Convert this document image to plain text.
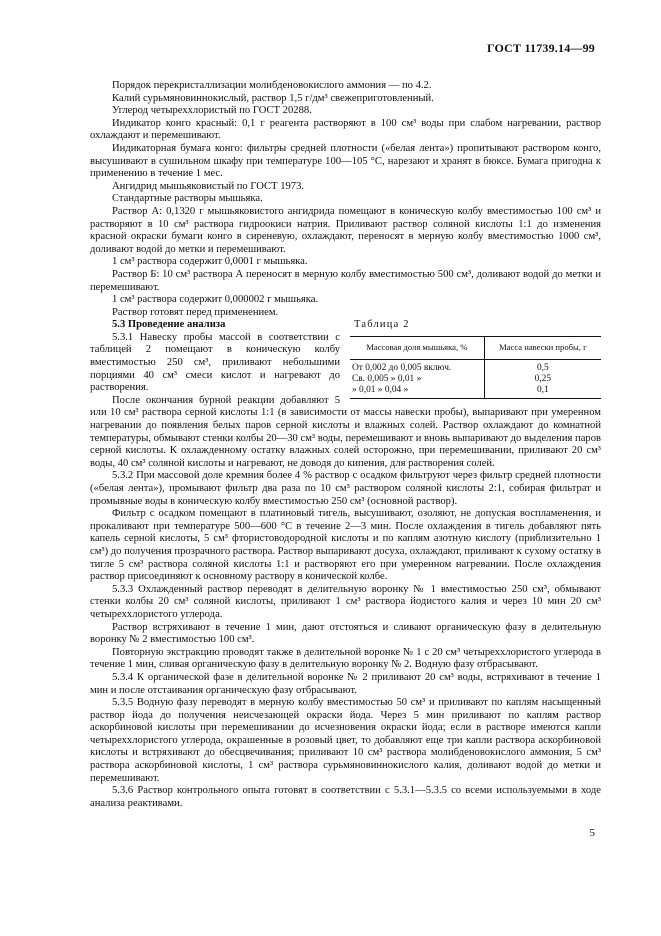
ГОСТ 11739.14—99

Порядок перекристаллизации молибденовокислого аммония — по 4.2.

Калий сурьмяновиннокислый, раствор 1,5 г/дм³ свежеприготовленный.

Углерод четыреххлористый по ГОСТ 20288.

Индикатор конго красный: 0,1 г реагента растворяют в 100 см³ воды при слабом нагревании, раствор охлаждают и перемешивают.

Индикаторная бумага конго: фильтры средней плотности («белая лента») пропитывают раствором конго, высушивают в сушильном шкафу при температуре 100—105 °С, нарезают и хранят в бюксе. Бумага пригодна к применению в течение 1 мес.

Ангидрид мышьяковистый по ГОСТ 1973.

Стандартные растворы мышьяка.

Раствор А: 0,1320 г мышьяковистого ангидрида помещают в коническую колбу вместимостью 100 см³ и растворяют в 10 см³ раствора гидроокиси натрия. Приливают раствор соляной кислоты 1:1 до изменения красной окраски бумаги конго в сиреневую, охлаждают, переносят в мерную колбу вместимостью 1000 см³, доливают водой до метки и перемешивают.

1 см³ раствора содержит 0,0001 г мышьяка.

Раствор Б: 10 см³ раствора А переносят в мерную колбу вместимостью 500 см³, доливают водой до метки и перемешивают.

1 см³ раствора содержит 0,000002 г мышьяка.

Раствор готовят перед применением.

Таблица 2
Массовая доля мышьяка, %	Масса навески пробы, г
От 0,002 до 0,005 включ.	0,5
Св. 0,005 » 0,01 »	0,25
» 0,01 » 0,04 »	0,1

5.3 Проведение анализа

5.3.1 Навеску пробы массой в соответствии с таблицей 2 помещают в коническую колбу вместимостью 250 см³, приливают небольшими порциями 40 см³ смеси кислот и нагревают до растворения.

После окончания бурной реакции добавляют 5 или 10 см³ раствора серной кислоты 1:1 (в зависимости от массы навески пробы), выпаривают при умеренном нагревании до появления белых паров серной кислоты и влажных солей. Раствор охлаждают до комнатной температуры, обмывают стенки колбы 20—30 см³ воды, перемешивают и вновь выпаривают до выделения паров серной кислоты. К охлажденному остатку влажных солей осторожно, при перемешивании, приливают 20 см³ воды, 40 см³ соляной кислоты и нагревают, не доводя до кипения, для растворения солей.

5.3.2 При массовой доле кремния более 4 % раствор с осадком фильтруют через фильтр средней плотности («белая лента»), промывают фильтр два раза по 10 см³ раствором соляной кислоты 2:1, собирая фильтрат и промывные воды в коническую колбу вместимостью 250 см³ (основной раствор).

Фильтр с осадком помещают в платиновый тигель, высушивают, озоляют, не допуская воспламенения, и прокаливают при температуре 500—600 °С в течение 2—3 мин. После охлаждения в тигель добавляют пять капель серной кислоты, 5 см³ фтористоводородной кислоты и по каплям азотную кислоту (приблизительно 1 см³) до получения прозрачного раствора. Раствор выпаривают досуха, охлаждают, приливают к сухому остатку в тигле 5 см³ раствора соляной кислоты 1:1 и растворяют его при умеренном нагревании. После охлаждения раствор присоединяют к основному раствору в конической колбе.

5.3.3 Охлажденный раствор переводят в делительную воронку № 1 вместимостью 250 см³, обмывают стенки колбы 20 см³ соляной кислоты, приливают 1 см³ раствора йодистого калия и через 10 мин 20 см³ четыреххлористого углерода.

Раствор встряхивают в течение 1 мин, дают отстояться и сливают органическую фазу в делительную воронку № 2 вместимостью 100 см³.

Повторную экстракцию проводят также в делительной воронке № 1 с 20 см³ четыреххлористого углерода в течение 1 мин, сливая органическую фазу в делительную воронку № 2. Водную фазу отбрасывают.

5.3.4 К органической фазе в делительной воронке № 2 приливают 20 см³ воды, встряхивают в течение 1 мин и после отстаивания органическую фазу отбрасывают.

5.3.5 Водную фазу переводят в мерную колбу вместимостью 50 см³ и приливают по каплям насыщенный раствор йода до получения неисчезающей окраски йода. Через 5 мин приливают по каплям раствор аскорбиновой кислоты при перемешивании до исчезновения окраски йода; если в растворе имеются капли четыреххлористого углерода, окрашенные в розовый цвет, то добавляют еще три капли раствора аскорбиновой кислоты и встряхивают до обесцвечивания; приливают 10 см³ раствора молибденовокислого аммония, 5 см³ раствора аскорбиновой кислоты, 1 см³ раствора сурьмяновиннокислого калия, доливают водой до метки и перемешивают.

5.3.6 Раствор контрольного опыта готовят в соответствии с 5.3.1—5.3.5 со всеми используемыми в ходе анализа реактивами.

5
